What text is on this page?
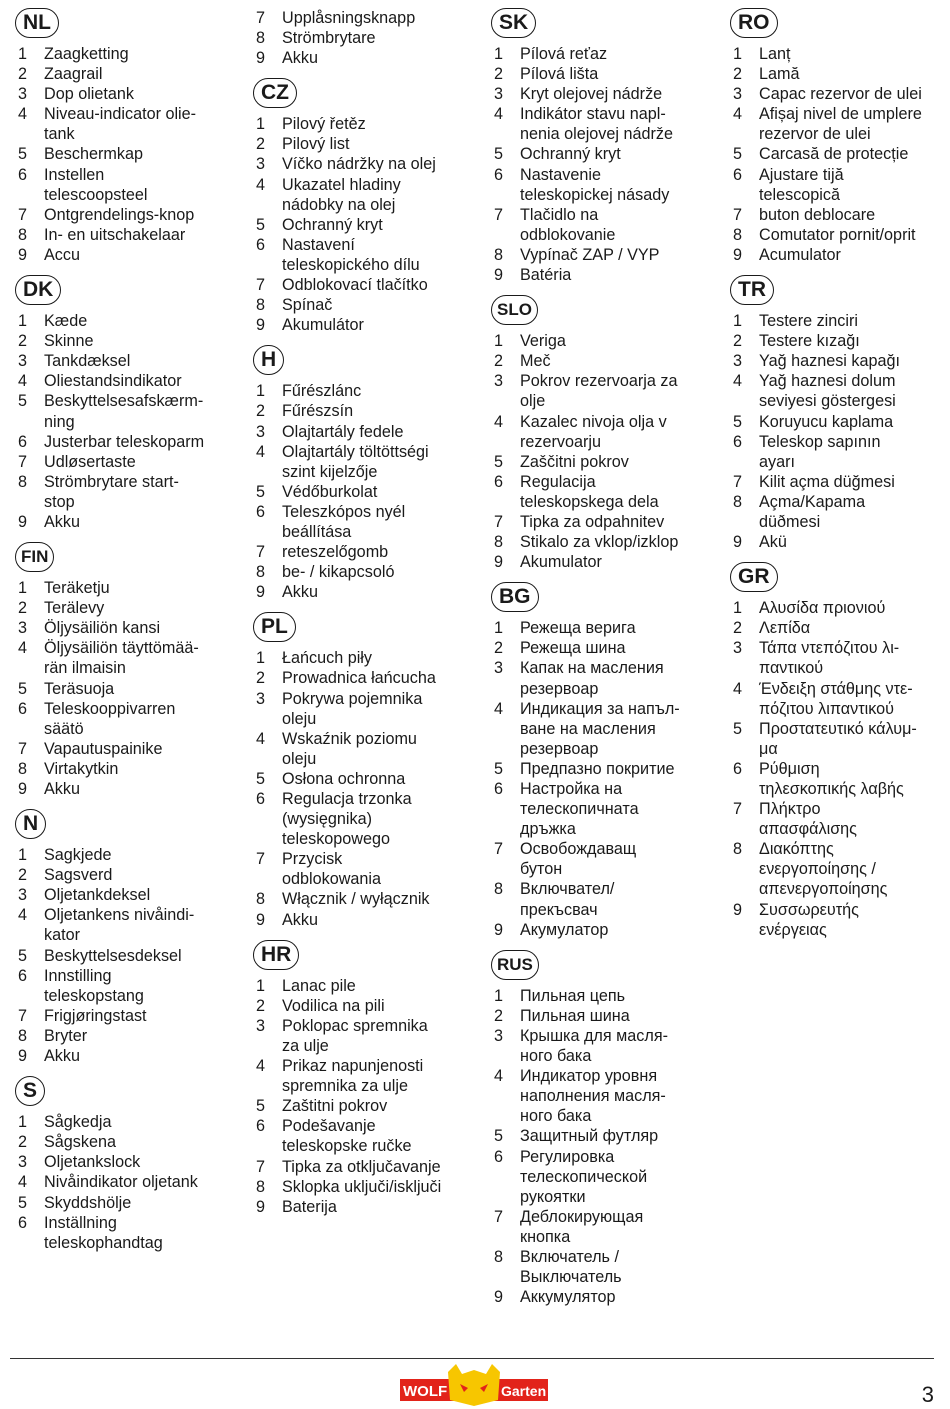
NL
1 Zaagketting
2 Zaagrail
3 Dop olietank
4 Niveau-indicator olie-
tank
5 Beschermkap
6 Instellen
telescoopsteel
7 Ontgrendelings-knop
8 In- en uitschakelaar
9 Accu
DK
1 Kæde
2 Skinne
3 Tankdæksel
4 Oliestandsindikator
5 Beskyttelsesafskærm-
ning
6 Justerbar teleskoparm
7 Udløsertaste
8 Strömbrytare start-
stop
9 Akku
FIN
1 Teräketju
2 Terälevy
3 Öljysäiliön kansi
4 Öljysäiliön täyttömää-
rän ilmaisin
5 Teräsuoja
6 Teleskooppivarren
säätö
7 Vapautuspainike
8 Virtakytkin
9 Akku
N
1 Sagkjede
2 Sagsverd
3 Oljetankdeksel
4 Oljetankens nivåindi-
kator
5 Beskyttelsesdeksel
6 Innstilling
teleskopstang
7 Frigjøringstast
8 Bryter
9 Akku
S
1 Sågkedja
2 Sågskena
3 Oljetankslock
4 Nivåindikator oljetank
5 Skyddshölje
6 Inställning
teleskophandtag
7 Upplåsningsknapp
8 Strömbrytare
9 Akku
CZ
1 Pilový řetěz
2 Pilový list
3 Víčko nádržky na olej
4 Ukazatel hladiny
nádobky na olej
5 Ochranný kryt
6 Nastavení
teleskopického dílu
7 Odblokovací tlačítko
8 Spínač
9 Akumulátor
H
1 Fűrészlánc
2 Fűrészsín
3 Olajtartály fedele
4 Olajtartály töltöttségi
szint kijelzője
5 Védőburkolat
6 Teleszkópos nyél
beállítása
7 reteszelőgomb
8 be- / kikapcsoló
9 Akku
PL
1 Łańcuch piły
2 Prowadnica łańcucha
3 Pokrywa pojemnika
oleju
4 Wskaźnik poziomu
oleju
5 Osłona ochronna
6 Regulacja trzonka
(wysięgnika)
teleskopowego
7 Przycisk
odblokowania
8 Włącznik / wyłącznik
9 Akku
HR
1 Lanac pile
2 Vodilica na pili
3 Poklopac spremnika
za ulje
4 Prikaz napunjenosti
spremnika za ulje
5 Zaštitni pokrov
6 Podešavanje
teleskopske ručke
7 Tipka za otključavanje
8 Sklopka uključi/isključi
9 Baterija
SK
1 Pílová reťaz
2 Pílová lišta
3 Kryt olejovej nádrže
4 Indikátor stavu napl-
nenia olejovej nádrže
5 Ochranný kryt
6 Nastavenie
teleskopickej násady
7 Tlačidlo na
odblokovanie
8 Vypínač ZAP / VYP
9 Batéria
SLO
1 Veriga
2 Meč
3 Pokrov rezervoarja za
olje
4 Kazalec nivoja olja v
rezervoarju
5 Zaščitni pokrov
6 Regulacija
teleskopskega dela
7 Tipka za odpahnitev
8 Stikalo za vklop/izklop
9 Akumulator
BG
1 Режеща верига
2 Режеща шина
3 Капак на масления
резервоар
4 Индикация за напъл-
ване на масления
резервоар
5 Предпазно покритие
6 Настройка на
телескопичната
дръжка
7 Освобождаващ
бутон
8 Включвател/
прекъсвач
9 Акумулатор
RUS
1 Пильная цепь
2 Пильная шина
3 Крышка для масля-
ного бака
4 Индикатор уровня
наполнения масля-
ного бака
5 Защитный футляр
6 Регулировка
телескопической
рукоятки
7 Деблокирующая
кнопка
8 Включатель /
Выключатель
9 Аккумулятор
RO
1 Lanț
2 Lamă
3 Capac rezervor de ulei
4 Afișaj nivel de umplere
rezervor de ulei
5 Carcasă de protecție
6 Ajustare tijă
telescopică
7 buton deblocare
8 Comutator pornit/oprit
9 Acumulator
TR
1 Testere zinciri
2 Testere kızağı
3 Yağ haznesi kapağı
4 Yağ haznesi dolum
seviyesi göstergesi
5 Koruyucu kaplama
6 Teleskop sapının
ayarı
7 Kilit açma düğmesi
8 Açma/Kapama
düðmesi
9 Akü
GR
1 Αλυσίδα πριονιού
2 Λεπίδα
3 Τάπα ντεπόζιτου λι-
παντικού
4 Ένδειξη στάθμης ντε-
πόζιτου λιπαντικού
5 Προστατευτικό κάλυμ-
μα
6 Ρύθμιση
τηλεσκοπικής λαβής
7 Πλήκτρο
απασφάλισης
8 Διακόπτης
ενεργοποίησης /
απενεργοποίησης
9 Συσσωρευτής
ενέργειας
WOLF	Garten	3
